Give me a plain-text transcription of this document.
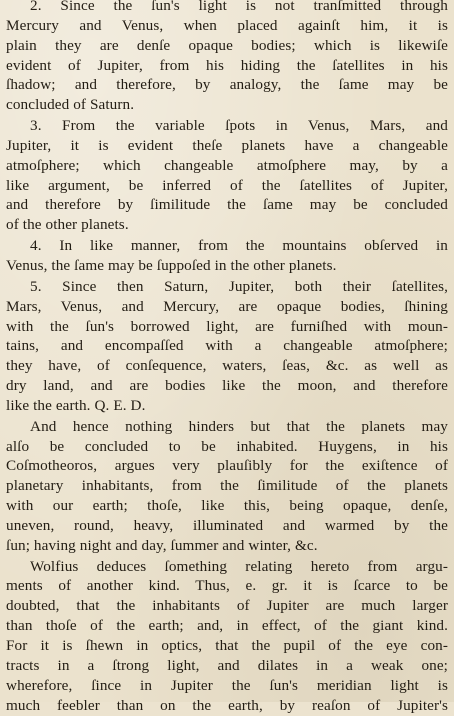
2. Since the ſun's light is not tranſmitted through
Mercury and Venus, when placed againſt him, it is
plain they are denſe opaque bodies; which is likewiſe
evident of Jupiter, from his hiding the ſatellites in his
ſhadow; and therefore, by analogy, the ſame may be
concluded of Saturn.
3. From the variable ſpots in Venus, Mars, and
Jupiter, it is evident theſe planets have a changeable
atmoſphere; which changeable atmoſphere may, by a
like argument, be inferred of the ſatellites of Jupiter,
and therefore by ſimilitude the ſame may be concluded
of the other planets.
4. In like manner, from the mountains obſerved in
Venus, the ſame may be ſuppoſed in the other planets.
5. Since then Saturn, Jupiter, both their ſatellites,
Mars, Venus, and Mercury, are opaque bodies, ſhining
with the ſun's borrowed light, are furniſhed with moun-
tains, and encompaſſed with a changeable atmoſphere;
they have, of conſequence, waters, ſeas, &c. as well as
dry land, and are bodies like the moon, and therefore
like the earth. Q. E. D.
And hence nothing hinders but that the planets may
alſo be concluded to be inhabited. Huygens, in his
Coſmotheoros, argues very plauſibly for the exiſtence of
planetary inhabitants, from the ſimilitude of the planets
with our earth; thoſe, like this, being opaque, denſe,
uneven, round, heavy, illuminated and warmed by the
ſun; having night and day, ſummer and winter, &c.
Wolfius deduces ſomething relating hereto from argu-
ments of another kind. Thus, e. gr. it is ſcarce to be
doubted, that the inhabitants of Jupiter are much larger
than thoſe of the earth; and, in effect, of the giant kind.
For it is ſhewn in optics, that the pupil of the eye con-
tracts in a ſtrong light, and dilates in a weak one;
wherefore, ſince in Jupiter the ſun's meridian light is
much feebler than on the earth, by reaſon of Jupiter's
